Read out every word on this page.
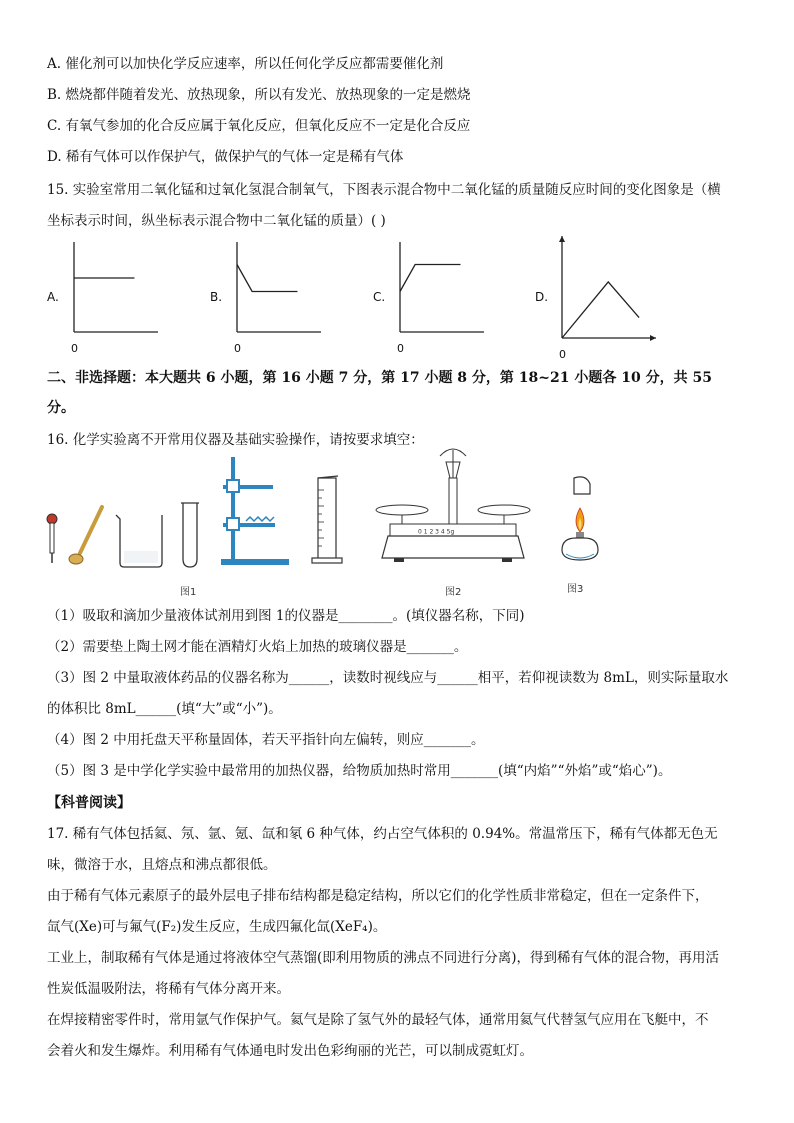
A. 催化剂可以加快化学反应速率，所以任何化学反应都需要催化剂
B. 燃烧都伴随着发光、放热现象，所以有发光、放热现象的一定是燃烧
C. 有氧气参加的化合反应属于氧化反应，但氧化反应不一定是化合反应
D. 稀有气体可以作保护气，做保护气的气体一定是稀有气体
15. 实验室常用二氧化锰和过氧化氢混合制氧气，下图表示混合物中二氧化锰的质量随反应时间的变化图象是（横
坐标表示时间，纵坐标表示混合物中二氧化锰的质量）( )
A.	B.	C.	D.
0	0	0	0
二、非选择题：本大题共 6 小题，第 16 小题 7 分，第 17 小题 8 分，第 18~21 小题各 10 分，共 55
分。
16. 化学实验离不开常用仪器及基础实验操作，请按要求填空：
0 1 2 3 4 5g
图1	图2	图3
（1）吸取和滴加少量液体试剂用到图 1的仪器是________。(填仪器名称，下同)
（2）需要垫上陶土网才能在酒精灯火焰上加热的玻璃仪器是_______。
（3）图 2 中量取液体药品的仪器名称为______，读数时视线应与______相平，若仰视读数为 8mL，则实际量取水
的体积比 8mL______(填“大”或“小”)。
（4）图 2 中用托盘天平称量固体，若天平指针向左偏转，则应_______。
（5）图 3 是中学化学实验中最常用的加热仪器，给物质加热时常用_______(填“内焰”“外焰”或“焰心”)。
【科普阅读】
17. 稀有气体包括氦、氖、氩、氪、氙和氡 6 种气体，约占空气体积的 0.94%。常温常压下，稀有气体都无色无
味，微溶于水，且熔点和沸点都很低。
由于稀有气体元素原子的最外层电子排布结构都是稳定结构，所以它们的化学性质非常稳定，但在一定条件下，
氙气(Xe)可与氟气(F₂)发生反应，生成四氟化氙(XeF₄)。
工业上，制取稀有气体是通过将液体空气蒸馏(即利用物质的沸点不同进行分离)，得到稀有气体的混合物，再用活
性炭低温吸附法，将稀有气体分离开来。
在焊接精密零件时，常用氩气作保护气。氦气是除了氢气外的最轻气体，通常用氦气代替氢气应用在飞艇中，不
会着火和发生爆炸。利用稀有气体通电时发出色彩绚丽的光芒，可以制成霓虹灯。
